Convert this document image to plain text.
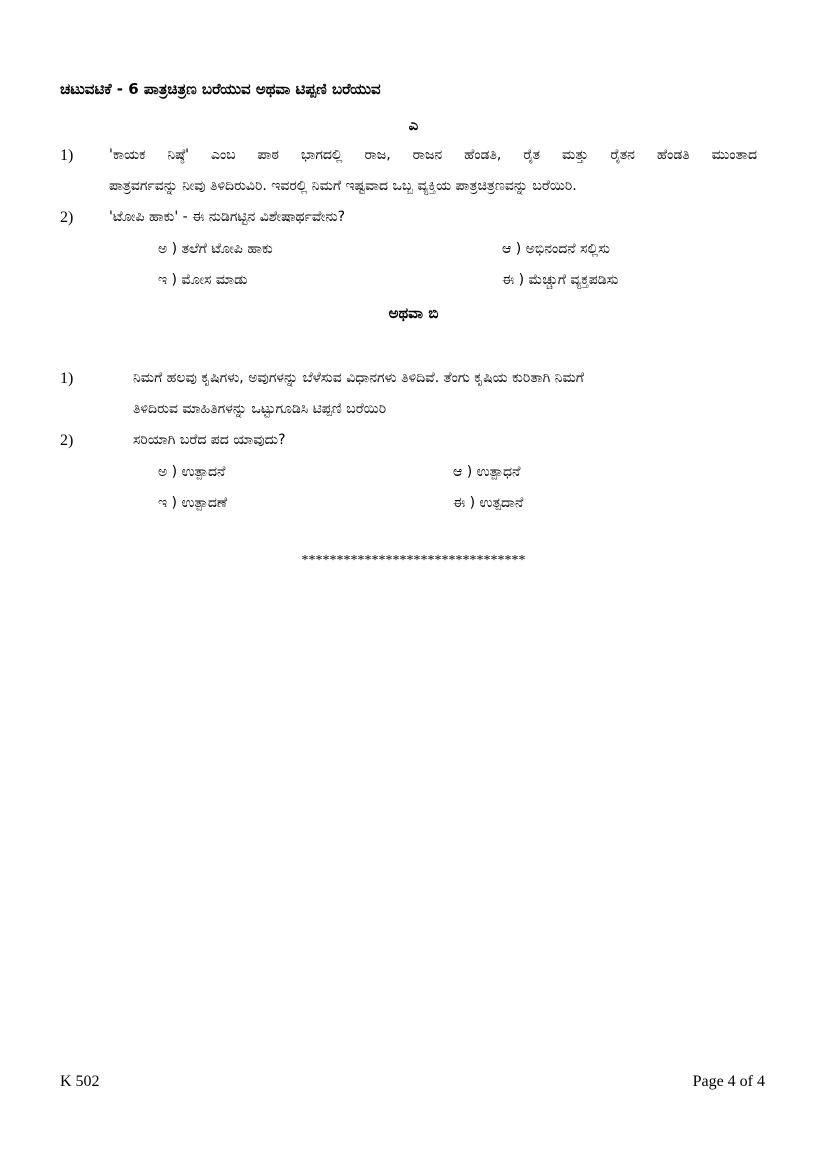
ಚಟುವಟಿಕೆ - 6 ಪಾತ್ರಚಿತ್ರಣ ಬರೆಯುವ ಅಥವಾ ಟಿಪ್ಪಣಿ ಬರೆಯುವ
ಎ
1)	'ಕಾಯಕ ನಿಷ್ಠೆ' ಎಂಬ ಪಾಠ ಭಾಗದಲ್ಲಿ ರಾಜ, ರಾಜನ ಹೆಂಡತಿ, ರೈತ ಮತ್ತು ರೈತನ ಹೆಂಡತಿ ಮುಂತಾದ
ಪಾತ್ರವರ್ಗವನ್ನು ನೀವು ತಿಳಿದಿರುವಿರಿ. ಇವರಲ್ಲಿ ನಿಮಗೆ ಇಷ್ಟವಾದ ಒಬ್ಬ ವ್ಯಕ್ತಿಯ ಪಾತ್ರಚಿತ್ರಣವನ್ನು ಬರೆಯಿರಿ.
2)	'ಟೋಪಿ ಹಾಕು' - ಈ ನುಡಿಗಟ್ಟಿನ ವಿಶೇಷಾರ್ಥವೇನು?
ಅ ) ತಲೆಗೆ ಟೋಪಿ ಹಾಕು	ಆ ) ಅಭಿನಂದನೆ ಸಲ್ಲಿಸು
ಇ ) ಮೋಸ ಮಾಡು	ಈ ) ಮೆಚ್ಚುಗೆ ವ್ಯಕ್ತಪಡಿಸು
ಅಥವಾ ಬಿ
1)	ನಿಮಗೆ ಹಲವು ಕೃಷಿಗಳು, ಅವುಗಳನ್ನು ಬೆಳೆಸುವ ವಿಧಾನಗಳು ತಿಳಿದಿವೆ. ತೆಂಗು ಕೃಷಿಯ ಕುರಿತಾಗಿ ನಿಮಗೆ
ತಿಳಿದಿರುವ ಮಾಹಿತಿಗಳನ್ನು ಒಟ್ಟುಗೂಡಿಸಿ ಟಿಪ್ಪಣಿ ಬರೆಯಿರಿ
2)	ಸರಿಯಾಗಿ ಬರೆದ ಪದ ಯಾವುದು?
ಅ ) ಉತ್ಪಾದನೆ	ಆ ) ಉತ್ಪಾಧನೆ
ಇ ) ಉತ್ಪಾದಣೆ	ಈ ) ಉತ್ಪದಾನೆ
********************************
K 502	Page 4 of 4
